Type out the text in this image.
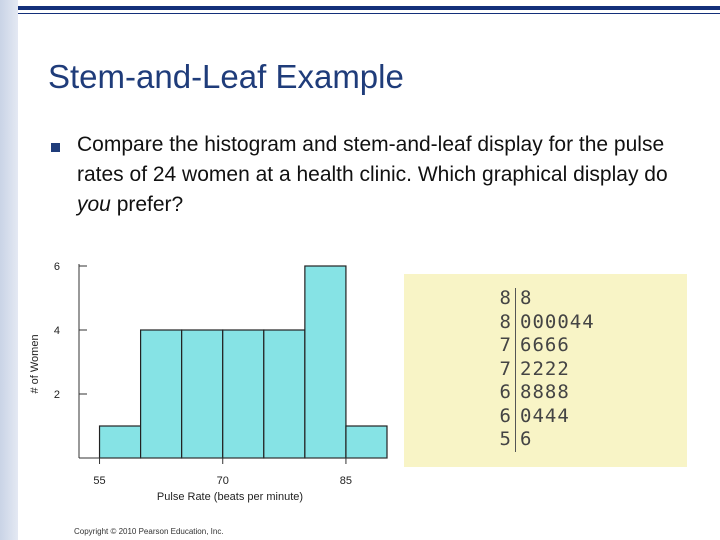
Stem-and-Leaf Example

Compare the histogram and stem-and-leaf display for the pulse rates of 24 women at a health clinic. Which graphical display do you prefer?

2
4
6
55	70	85
Pulse Rate (beats per minute)
# of Women
8
8
7
7
6
6
5
8
000044
6666
2222
8888
0444
6
Copyright © 2010 Pearson Education, Inc.
